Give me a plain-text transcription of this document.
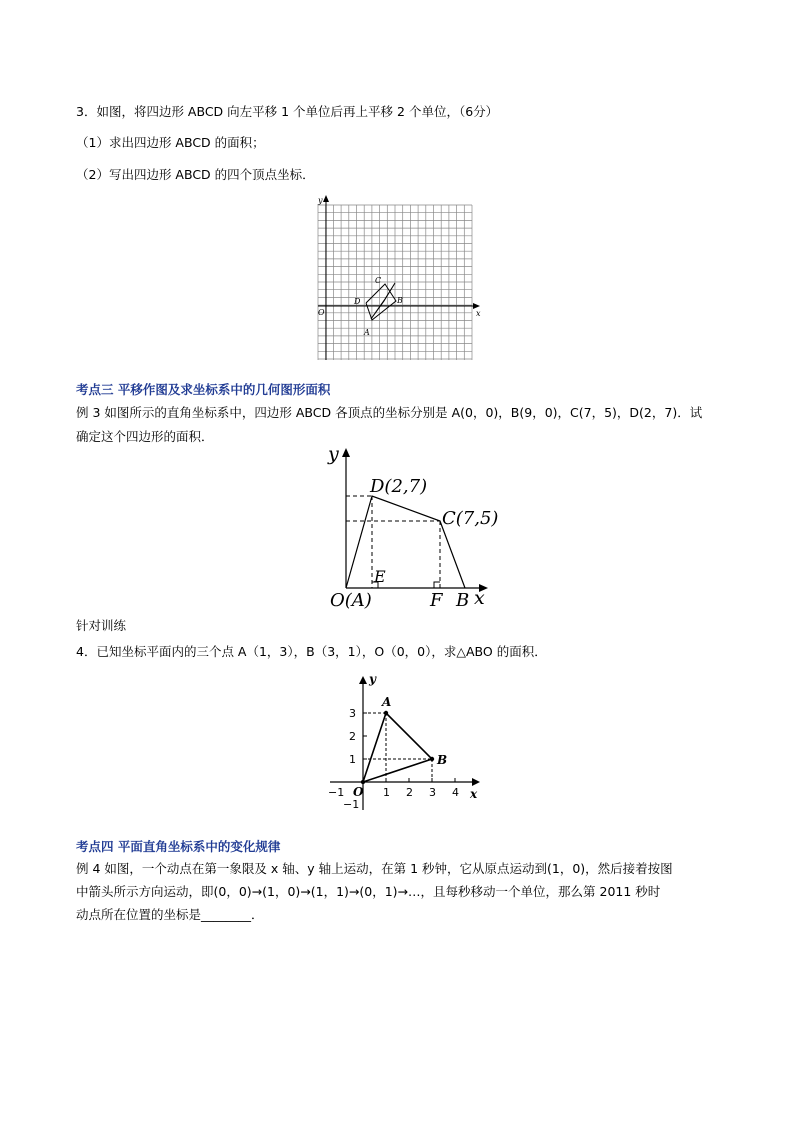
3．如图，将四边形 ABCD 向左平移 1 个单位后再上平移 2 个单位，（6分）
（1）求出四边形 ABCD 的面积；
（2）写出四边形 ABCD 的四个顶点坐标．
x
y
O
A
B
C
D
考点三 平移作图及求坐标系中的几何图形面积
例 3 如图所示的直角坐标系中，四边形 ABCD 各顶点的坐标分别是 A(0，0)，B(9，0)，C(7，5)，D(2，7)．试
确定这个四边形的面积．
y
x
D(2,7)
C(7,5)
E
F B
O(A)
针对训练
4．已知坐标平面内的三个点 A（1，3），B（3，1），O（0，0），求△ABO 的面积．
y
x
A
B
O
3
2
1
−1
−1	1 2 3 4
考点四 平面直角坐标系中的变化规律
例 4 如图，一个动点在第一象限及 x 轴、y 轴上运动，在第 1 秒钟，它从原点运动到(1，0)，然后接着按图
中箭头所示方向运动，即(0，0)→(1，0)→(1，1)→(0，1)→…，且每秒移动一个单位，那么第 2011 秒时
动点所在位置的坐标是________．
